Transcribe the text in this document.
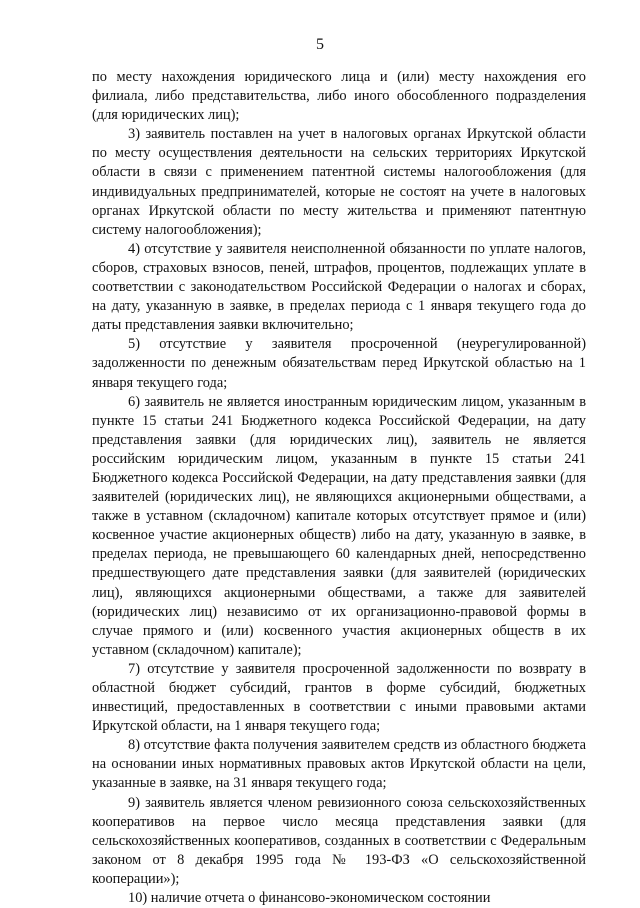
5

по месту нахождения юридического лица и (или) месту нахождения его филиала, либо представительства, либо иного обособленного подразделения (для юридических лиц);

3) заявитель поставлен на учет в налоговых органах Иркутской области по месту осуществления деятельности на сельских территориях Иркутской области в связи с применением патентной системы налогообложения (для индивидуальных предпринимателей, которые не состоят на учете в налоговых органах Иркутской области по месту жительства и применяют патентную систему налогообложения);

4) отсутствие у заявителя неисполненной обязанности по уплате налогов, сборов, страховых взносов, пеней, штрафов, процентов, подлежащих уплате в соответствии с законодательством Российской Федерации о налогах и сборах, на дату, указанную в заявке, в пределах периода с 1 января текущего года до даты представления заявки включительно;

5) отсутствие у заявителя просроченной (неурегулированной) задолженности по денежным обязательствам перед Иркутской областью на 1 января текущего года;

6) заявитель не является иностранным юридическим лицом, указанным в пункте 15 статьи 241 Бюджетного кодекса Российской Федерации, на дату представления заявки (для юридических лиц), заявитель не является российским юридическим лицом, указанным в пункте 15 статьи 241 Бюджетного кодекса Российской Федерации, на дату представления заявки (для заявителей (юридических лиц), не являющихся акционерными обществами, а также в уставном (складочном) капитале которых отсутствует прямое и (или) косвенное участие акционерных обществ) либо на дату, указанную в заявке, в пределах периода, не превышающего 60 календарных дней, непосредственно предшествующего дате представления заявки (для заявителей (юридических лиц), являющихся акционерными обществами, а также для заявителей (юридических лиц) независимо от их организационно-правовой формы в случае прямого и (или) косвенного участия акционерных обществ в их уставном (складочном) капитале);

7) отсутствие у заявителя просроченной задолженности по возврату в областной бюджет субсидий, грантов в форме субсидий, бюджетных инвестиций, предоставленных в соответствии с иными правовыми актами Иркутской области, на 1 января текущего года;

8) отсутствие факта получения заявителем средств из областного бюджета на основании иных нормативных правовых актов Иркутской области на цели, указанные в заявке, на 31 января текущего года;

9) заявитель является членом ревизионного союза сельскохозяйственных кооперативов на первое число месяца представления заявки (для сельскохозяйственных кооперативов, созданных в соответствии с Федеральным законом от 8 декабря 1995 года № 193-ФЗ «О сельскохозяйственной кооперации»);

10) наличие отчета о финансово-экономическом состоянии
